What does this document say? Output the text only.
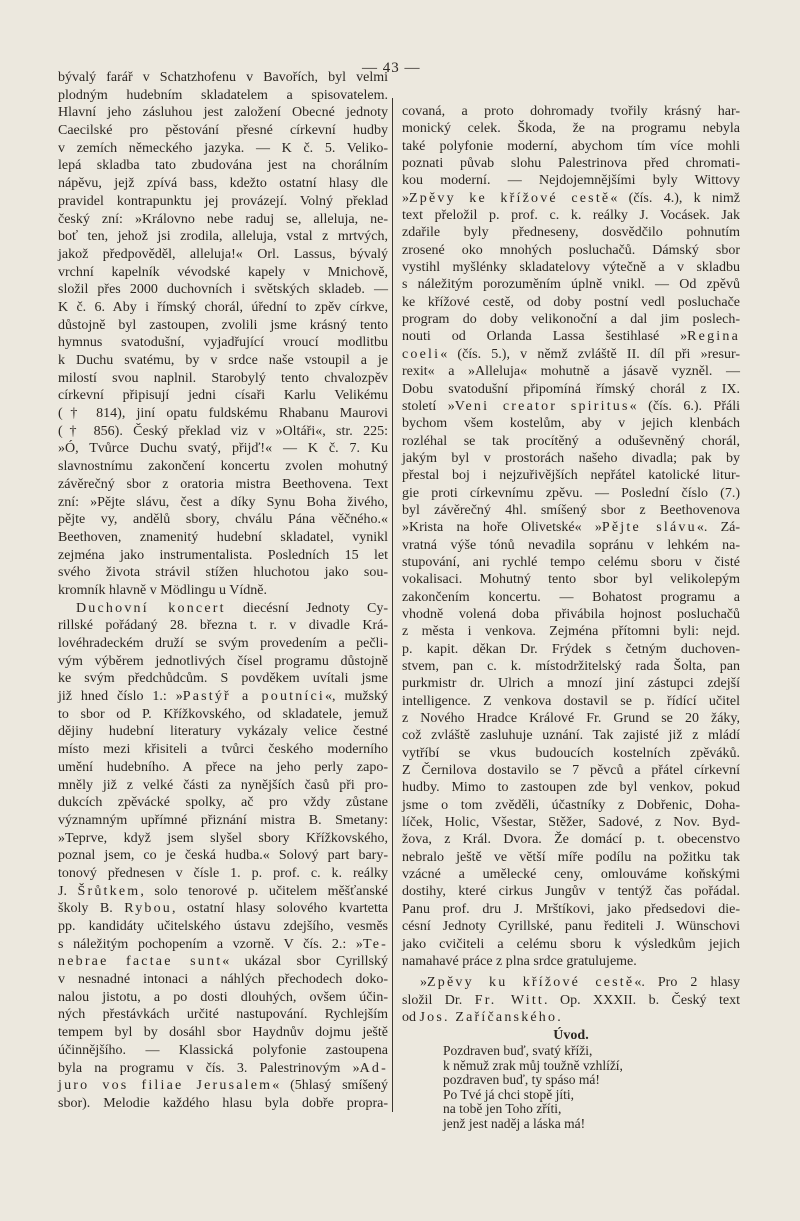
— 43 —
bývalý farář v Schatzhofenu v Bavořích, byl velmi
plodným hudebním skladatelem a spisovatelem.
Hlavní jeho zásluhou jest založení Obecné jednoty
Caecilské pro pěstování přesné církevní hudby
v zemích německého jazyka. — K č. 5. Veliko-
lepá skladba tato zbudována jest na chorálním
nápěvu, jejž zpívá bass, kdežto ostatní hlasy dle
pravidel kontrapunktu jej provázejí. Volný překlad
český zní: »Královno nebe raduj se, alleluja, ne-
boť ten, jehož jsi zrodila, alleluja, vstal z mrtvých,
jakož předpověděl, alleluja!« Orl. Lassus, bývalý
vrchní kapelník vévodské kapely v Mnichově,
složil přes 2000 duchovních i světských skladeb. —
K č. 6. Aby i římský chorál, úřední to zpěv církve,
důstojně byl zastoupen, zvolili jsme krásný tento
hymnus svatodušní, vyjadřující vroucí modlitbu
k Duchu svatému, by v srdce naše vstoupil a je
milostí svou naplnil. Starobylý tento chvalozpěv
církevní připisují jedni císaři Karlu Velikému
(† 814), jiní opatu fuldskému Rhabanu Maurovi
(† 856). Český překlad viz v »Oltáři«, str. 225:
»Ó, Tvůrce Duchu svatý, přijď!« — K č. 7. Ku
slavnostnímu zakončení koncertu zvolen mohutný
závěrečný sbor z oratoria mistra Beethovena. Text
zní: »Pějte slávu, čest a díky Synu Boha živého,
pějte vy, andělů sbory, chválu Pána věčného.«
Beethoven, znamenitý hudební skladatel, vynikl
zejména jako instrumentalista. Posledních 15 let
svého života strávil stížen hluchotou jako sou-
kromník hlavně v Mödlingu u Vídně.
Duchovní koncert diecésní Jednoty Cy-
rillské pořádaný 28. března t. r. v divadle Krá-
lovéhradeckém druží se svým provedením a pečli-
vým výběrem jednotlivých čísel programu důstojně
ke svým předchůdcům. S povděkem uvítali jsme
již hned číslo 1.: »Pastýř a poutníci«, mužský
to sbor od P. Křížkovského, od skladatele, jemuž
dějiny hudební literatury vykázaly velice čestné
místo mezi křisiteli a tvůrci českého moderního
umění hudebního. A přece na jeho perly zapo-
mněly již z velké části za nynějších časů při pro-
dukcích zpěvácké spolky, ač pro vždy zůstane
významným upřímné přiznání mistra B. Smetany:
»Teprve, když jsem slyšel sbory Křížkovského,
poznal jsem, co je česká hudba.« Solový part bary-
tonový přednesen v čísle 1. p. prof. c. k. reálky
J. Šrůtkem, solo tenorové p. učitelem měšťanské
školy B. Rybou, ostatní hlasy solového kvartetta
pp. kandidáty učitelského ústavu zdejšího, vesměs
s náležitým pochopením a vzorně. V čís. 2.: »Te-
nebrae factae sunt« ukázal sbor Cyrillský
v nesnadné intonaci a náhlých přechodech doko-
nalou jistotu, a po dosti dlouhých, ovšem účin-
ných přestávkách určité nastupování. Rychlejším
tempem byl by dosáhl sbor Haydnův dojmu ještě
účinnějšího. — Klassická polyfonie zastoupena
byla na programu v čís. 3. Palestrinovým »Ad-
juro vos filiae Jerusalem« (5hlasý smíšený
sbor). Melodie každého hlasu byla dobře propra-
covaná, a proto dohromady tvořily krásný har-
monický celek. Škoda, že na programu nebyla
také polyfonie moderní, abychom tím více mohli
poznati půvab slohu Palestrinova před chromati-
kou moderní. — Nejdojemnějšími byly Wittovy
»Zpěvy ke křížové cestě« (čís. 4.), k nimž
text přeložil p. prof. c. k. reálky J. Vocásek. Jak
zdařile byly předneseny, dosvědčilo pohnutím
zrosené oko mnohých posluchačů. Dámský sbor
vystihl myšlénky skladatelovy výtečně a v skladbu
s náležitým porozuměním úplně vnikl. — Od zpěvů
ke křížové cestě, od doby postní vedl posluchače
program do doby velikonoční a dal jim poslech-
nouti od Orlanda Lassa šestihlasé »Regina
coeli« (čís. 5.), v němž zvláště II. díl při »resur-
rexit« a »Alleluja« mohutně a jásavě vyzněl. —
Dobu svatodušní připomíná římský chorál z IX.
století »Veni creator spiritus« (čís. 6.). Přáli
bychom všem kostelům, aby v jejich klenbách
rozléhal se tak procítěný a oduševněný chorál,
jakým byl v prostorách našeho divadla; pak by
přestal boj i nejzuřivějších nepřátel katolické litur-
gie proti církevnímu zpěvu. — Poslední číslo (7.)
byl závěrečný 4hl. smíšený sbor z Beethovenova
»Krista na hoře Olivetské« »Pějte slávu«. Zá-
vratná výše tónů nevadila sopránu v lehkém na-
stupování, ani rychlé tempo celému sboru v čisté
vokalisaci. Mohutný tento sbor byl velikolepým
zakončením koncertu. — Bohatost programu a
vhodně volená doba přivábila hojnost posluchačů
z města i venkova. Zejména přítomni byli: nejd.
p. kapit. děkan Dr. Frýdek s četným duchoven-
stvem, pan c. k. místodržitelský rada Šolta, pan
purkmistr dr. Ulrich a mnozí jiní zástupci zdejší
intelligence. Z venkova dostavil se p. řídící učitel
z Nového Hradce Králové Fr. Grund se 20 žáky,
což zvláště zasluhuje uznání. Tak zajisté již z mládí
vytříbí se vkus budoucích kostelních zpěváků.
Z Černilova dostavilo se 7 pěvců a přátel církevní
hudby. Mimo to zastoupen zde byl venkov, pokud
jsme o tom zvěděli, účastníky z Dobřenic, Doha-
líček, Holic, Všestar, Stěžer, Sadové, z Nov. Byd-
žova, z Král. Dvora. Že domácí p. t. obecenstvo
nebralo ještě ve větší míře podílu na požitku tak
vzácné a umělecké ceny, omlouváme koňskými
dostihy, které cirkus Jungův v tentýž čas pořádal.
Panu prof. dru J. Mrštíkovi, jako předsedovi die-
césní Jednoty Cyrillské, panu řediteli J. Wünschovi
jako cvičiteli a celému sboru k výsledkům jejich
namahavé práce z plna srdce gratulujeme.
»Zpěvy ku křížové cestě«. Pro 2 hlasy
složil Dr. Fr. Witt. Op. XXXII. b. Český text
od Jos. Zaříčanského.
Úvod.
Pozdraven buď, svatý kříži,
k němuž zrak můj toužně vzhlíží,
pozdraven buď, ty spáso má!
Po Tvé já chci stopě jíti,
na tobě jen Toho zříti,
jenž jest naděj a láska má!
